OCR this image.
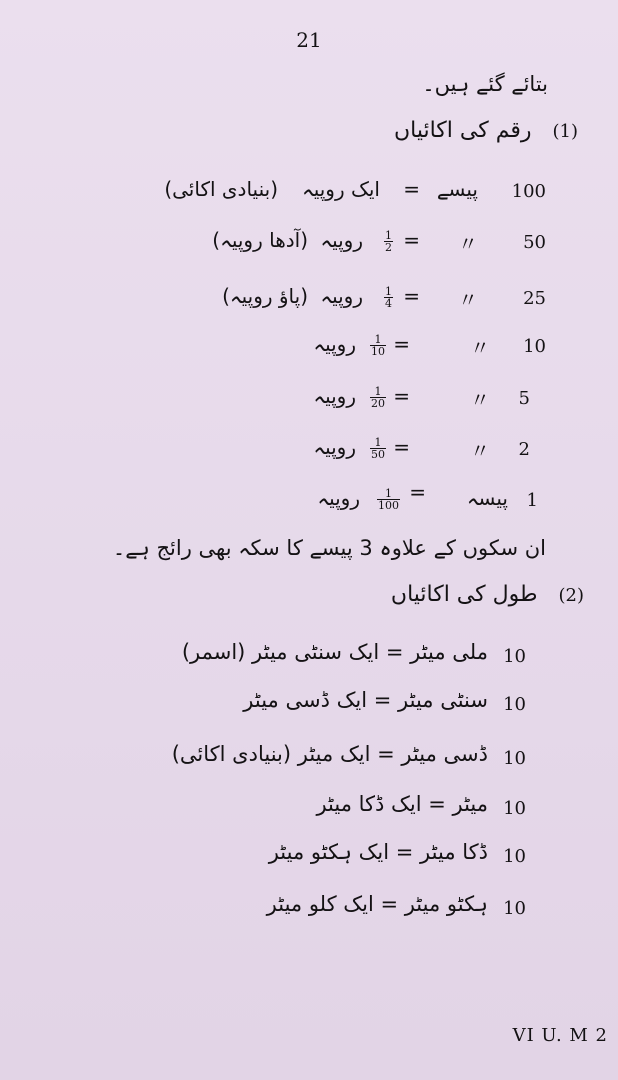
21
بتائے گئے ہیں۔
(1) رقم کی اکائیاں
100
پیسے
=
ایک روپیہ
(بنیادی اکائی)
50
〃
=
$\frac{1}{2}$
روپیہ
(آدھا روپیہ)
25
〃
=
$\frac{1}{4}$
روپیہ
(پاؤ روپیہ)
10
〃
=
$\frac{1}{10}$
روپیہ
5
〃
=
$\frac{1}{20}$
روپیہ
2
〃
=
$\frac{1}{50}$
روپیہ
1
پیسہ
=
$\frac{1}{100}$
روپیہ
ان سکوں کے علاوہ 3 پیسے کا سکہ بھی رائج ہے۔
(2) طول کی اکائیاں
10
ملی میٹر = ایک سنٹی میٹر (اسمر)
10
سنٹی میٹر = ایک ڈسی میٹر
10
ڈسی میٹر = ایک میٹر (بنیادی اکائی)
10
میٹر = ایک ڈکا میٹر
10
ڈکا میٹر = ایک ہکٹو میٹر
10
ہکٹو میٹر = ایک کلو میٹر
VI U. M 2
